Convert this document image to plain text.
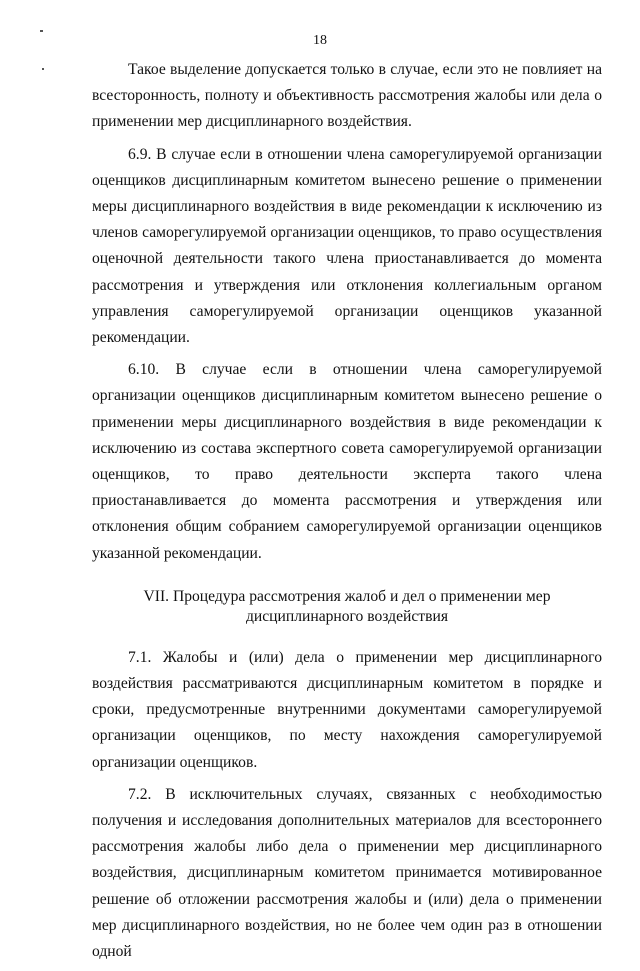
18

Такое выделение допускается только в случае, если это не повлияет на всесторонность, полноту и объективность рассмотрения жалобы или дела о применении мер дисциплинарного воздействия.

6.9. В случае если в отношении члена саморегулируемой организации оценщиков дисциплинарным комитетом вынесено решение о применении меры дисциплинарного воздействия в виде рекомендации к исключению из членов саморегулируемой организации оценщиков, то право осуществления оценочной деятельности такого члена приостанавливается до момента рассмотрения и утверждения или отклонения коллегиальным органом управления саморегулируемой организации оценщиков указанной рекомендации.

6.10. В случае если в отношении члена саморегулируемой организации оценщиков дисциплинарным комитетом вынесено решение о применении меры дисциплинарного воздействия в виде рекомендации к исключению из состава экспертного совета саморегулируемой организации оценщиков, то право деятельности эксперта такого члена приостанавливается до момента рассмотрения и утверждения или отклонения общим собранием саморегулируемой организации оценщиков указанной рекомендации.

VII. Процедура рассмотрения жалоб и дел о применении мер
дисциплинарного воздействия

7.1. Жалобы и (или) дела о применении мер дисциплинарного воздействия рассматриваются дисциплинарным комитетом в порядке и сроки, предусмотренные внутренними документами саморегулируемой организации оценщиков, по месту нахождения саморегулируемой организации оценщиков.

7.2. В исключительных случаях, связанных с необходимостью получения и исследования дополнительных материалов для всестороннего рассмотрения жалобы либо дела о применении мер дисциплинарного воздействия, дисциплинарным комитетом принимается мотивированное решение об отложении рассмотрения жалобы и (или) дела о применении мер дисциплинарного воздействия, но не более чем один раз в отношении одной
